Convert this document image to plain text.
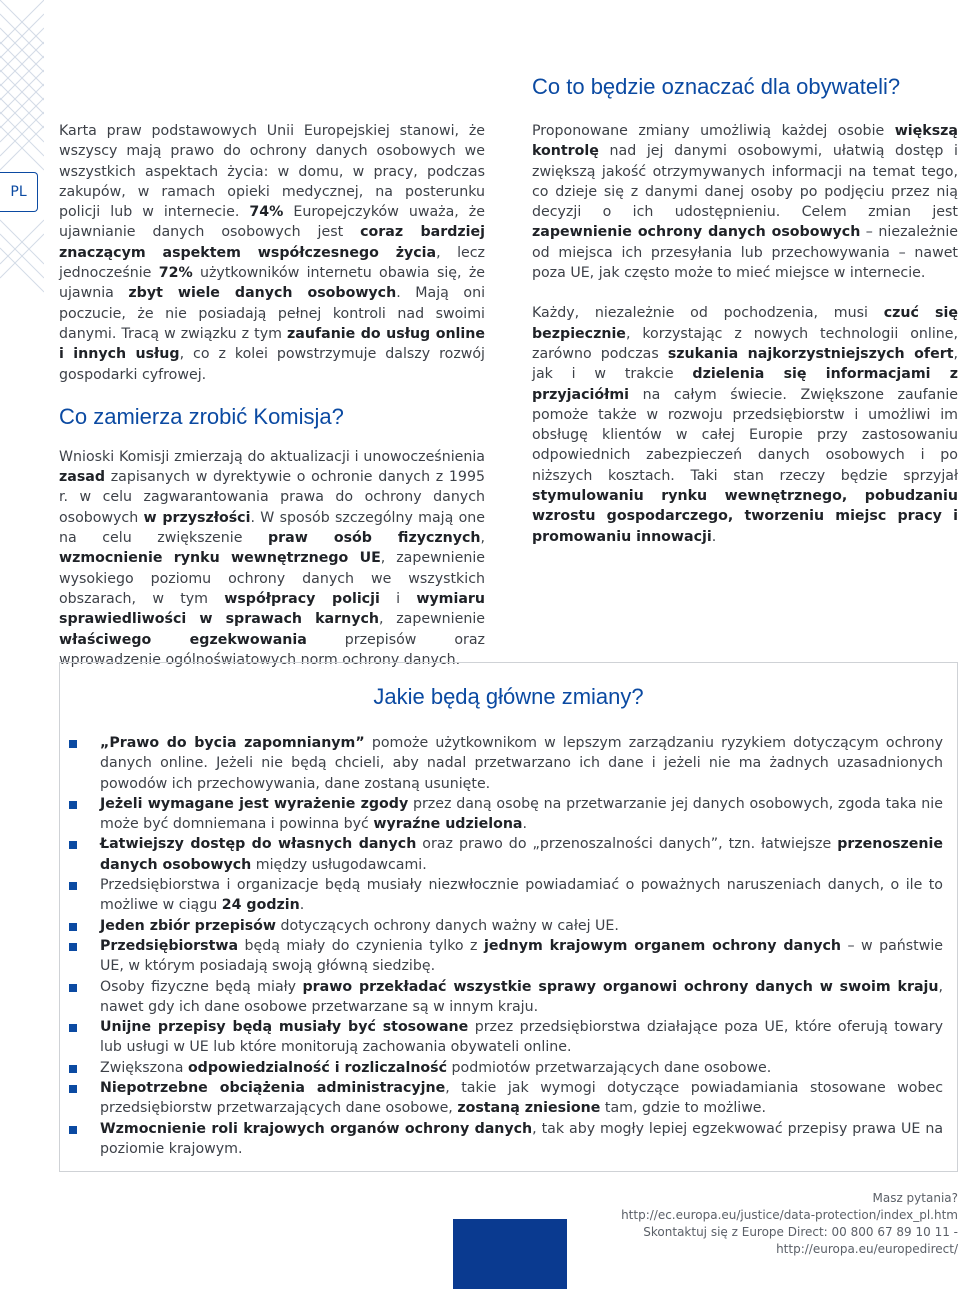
PL
Co to będzie oznaczać dla obywateli?

Karta praw podstawowych Unii Europejskiej stanowi, że wszyscy mają prawo do ochrony danych osobowych we wszystkich aspektach życia: w domu, w pracy, podczas zakupów, w ramach opieki medycznej, na posterunku policji lub w internecie. 74% Europejczyków uważa, że ujawnianie danych osobowych jest coraz bardziej znaczącym aspektem współczesnego życia, lecz jednocześnie 72% użytkowników internetu obawia się, że ujawnia zbyt wiele danych osobowych. Mają oni poczucie, że nie posiadają pełnej kontroli nad swoimi danymi. Tracą w związku z tym zaufanie do usług online i innych usług, co z kolei powstrzymuje dalszy rozwój gospodarki cyfrowej.

Co zamierza zrobić Komisja?

Wnioski Komisji zmierzają do aktualizacji i unowocześnienia zasad zapisanych w dyrektywie o ochronie danych z 1995 r. w celu zagwarantowania prawa do ochrony danych osobowych w przyszłości. W sposób szczególny mają one na celu zwiększenie praw osób fizycznych, wzmocnienie rynku wewnętrznego UE, zapewnienie wysokiego poziomu ochrony danych we wszystkich obszarach, w tym współpracy policji i wymiaru sprawiedliwości w sprawach karnych, zapewnienie właściwego egzekwowania przepisów oraz wprowadzenie ogólnoświatowych norm ochrony danych.

Proponowane zmiany umożliwią każdej osobie większą kontrolę nad jej danymi osobowymi, ułatwią dostęp i zwiększą jakość otrzymywanych informacji na temat tego, co dzieje się z danymi danej osoby po podjęciu przez nią decyzji o ich udostępnieniu. Celem zmian jest zapewnienie ochrony danych osobowych – niezależnie od miejsca ich przesyłania lub przechowywania – nawet poza UE, jak często może to mieć miejsce w internecie.

Każdy, niezależnie od pochodzenia, musi czuć się bezpiecznie, korzystając z nowych technologii online, zarówno podczas szukania najkorzystniejszych ofert, jak i w trakcie dzielenia się informacjami z przyjaciółmi na całym świecie. Zwiększone zaufanie pomoże także w rozwoju przedsiębiorstw i umożliwi im obsługę klientów w całej Europie przy zastosowaniu odpowiednich zabezpieczeń danych osobowych i po niższych kosztach. Taki stan rzeczy będzie sprzyjał stymulowaniu rynku wewnętrznego, pobudzaniu wzrostu gospodarczego, tworzeniu miejsc pracy i promowaniu innowacji.

Jakie będą główne zmiany?
„Prawo do bycia zapomnianym” pomoże użytkownikom w lepszym zarządzaniu ryzykiem dotyczącym ochrony danych online. Jeżeli nie będą chcieli, aby nadal przetwarzano ich dane i jeżeli nie ma żadnych uzasadnionych powodów ich przechowywania, dane zostaną usunięte.
Jeżeli wymagane jest wyrażenie zgody przez daną osobę na przetwarzanie jej danych osobowych, zgoda taka nie może być domniemana i powinna być wyraźne udzielona.
Łatwiejszy dostęp do własnych danych oraz prawo do „przenoszalności danych”, tzn. łatwiejsze przenoszenie danych osobowych między usługodawcami.
Przedsiębiorstwa i organizacje będą musiały niezwłocznie powiadamiać o poważnych naruszeniach danych, o ile to możliwe w ciągu 24 godzin.
Jeden zbiór przepisów dotyczących ochrony danych ważny w całej UE.
Przedsiębiorstwa będą miały do czynienia tylko z jednym krajowym organem ochrony danych – w państwie UE, w którym posiadają swoją główną siedzibę.
Osoby fizyczne będą miały prawo przekładać wszystkie sprawy organowi ochrony danych w swoim kraju, nawet gdy ich dane osobowe przetwarzane są w innym kraju.
Unijne przepisy będą musiały być stosowane przez przedsiębiorstwa działające poza UE, które oferują towary lub usługi w UE lub które monitorują zachowania obywateli online.
Zwiększona odpowiedzialność i rozliczalność podmiotów przetwarzających dane osobowe.
Niepotrzebne obciążenia administracyjne, takie jak wymogi dotyczące powiadamiania stosowane wobec przedsiębiorstw przetwarzających dane osobowe, zostaną zniesione tam, gdzie to możliwe.
Wzmocnienie roli krajowych organów ochrony danych, tak aby mogły lepiej egzekwować przepisy prawa UE na poziomie krajowym.
Masz pytania?
http://ec.europa.eu/justice/data-protection/index_pl.htm
Skontaktuj się z Europe Direct: 00 800 67 89 10 11 - http://europa.eu/europedirect/
